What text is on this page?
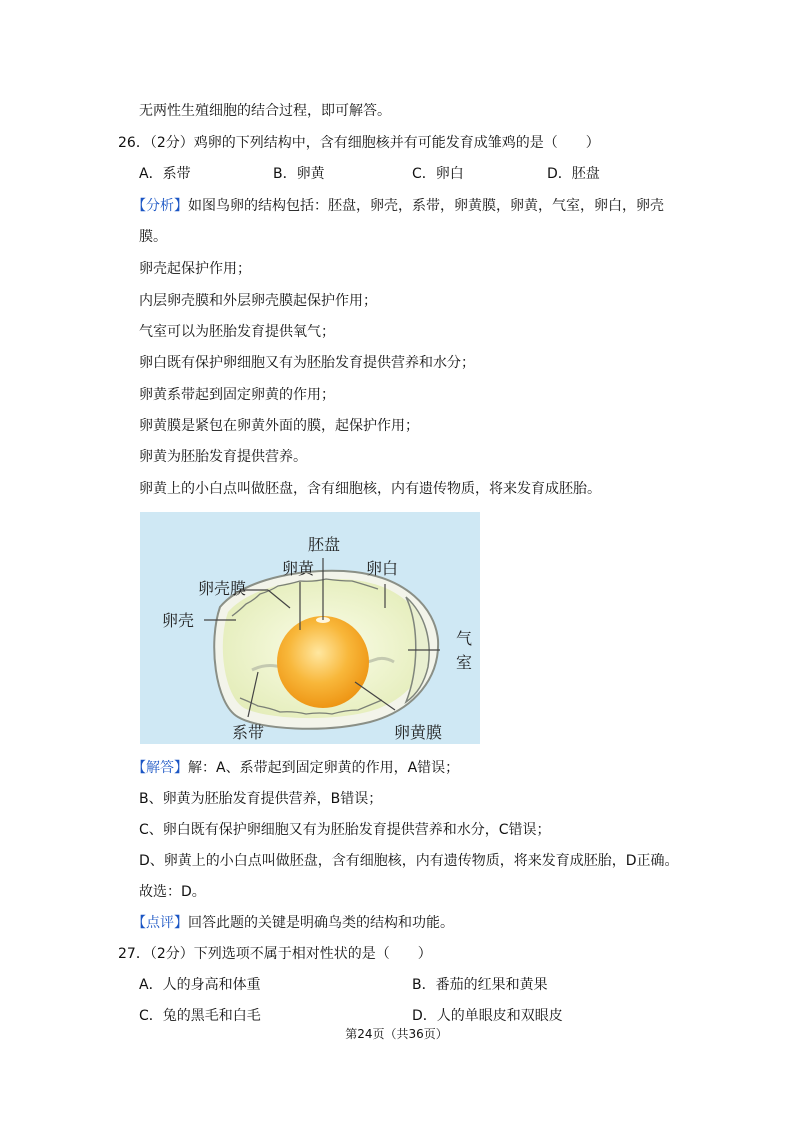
无两性生殖细胞的结合过程，即可解答。
26．（2分）鸡卵的下列结构中，含有细胞核并有可能发育成雏鸡的是（　　）
A．系带	B．卵黄	C．卵白	D．胚盘
【分析】如图鸟卵的结构包括：胚盘，卵壳，系带，卵黄膜，卵黄，气室，卵白，卵壳
膜。
卵壳起保护作用；
内层卵壳膜和外层卵壳膜起保护作用；
气室可以为胚胎发育提供氧气；
卵白既有保护卵细胞又有为胚胎发育提供营养和水分；
卵黄系带起到固定卵黄的作用；
卵黄膜是紧包在卵黄外面的膜，起保护作用；
卵黄为胚胎发育提供营养。
卵黄上的小白点叫做胚盘，含有细胞核，内有遗传物质，将来发育成胚胎。
胚盘
卵黄	卵白
卵壳膜
卵壳
气
室
系带	卵黄膜
【解答】解：A、系带起到固定卵黄的作用，A错误；
B、卵黄为胚胎发育提供营养，B错误；
C、卵白既有保护卵细胞又有为胚胎发育提供营养和水分，C错误；
D、卵黄上的小白点叫做胚盘，含有细胞核，内有遗传物质，将来发育成胚胎，D正确。
故选：D。
【点评】回答此题的关键是明确鸟类的结构和功能。
27．（2分）下列选项不属于相对性状的是（　　）
A．人的身高和体重	B．番茄的红果和黄果
C．兔的黑毛和白毛	D．人的单眼皮和双眼皮
第24页（共36页）
